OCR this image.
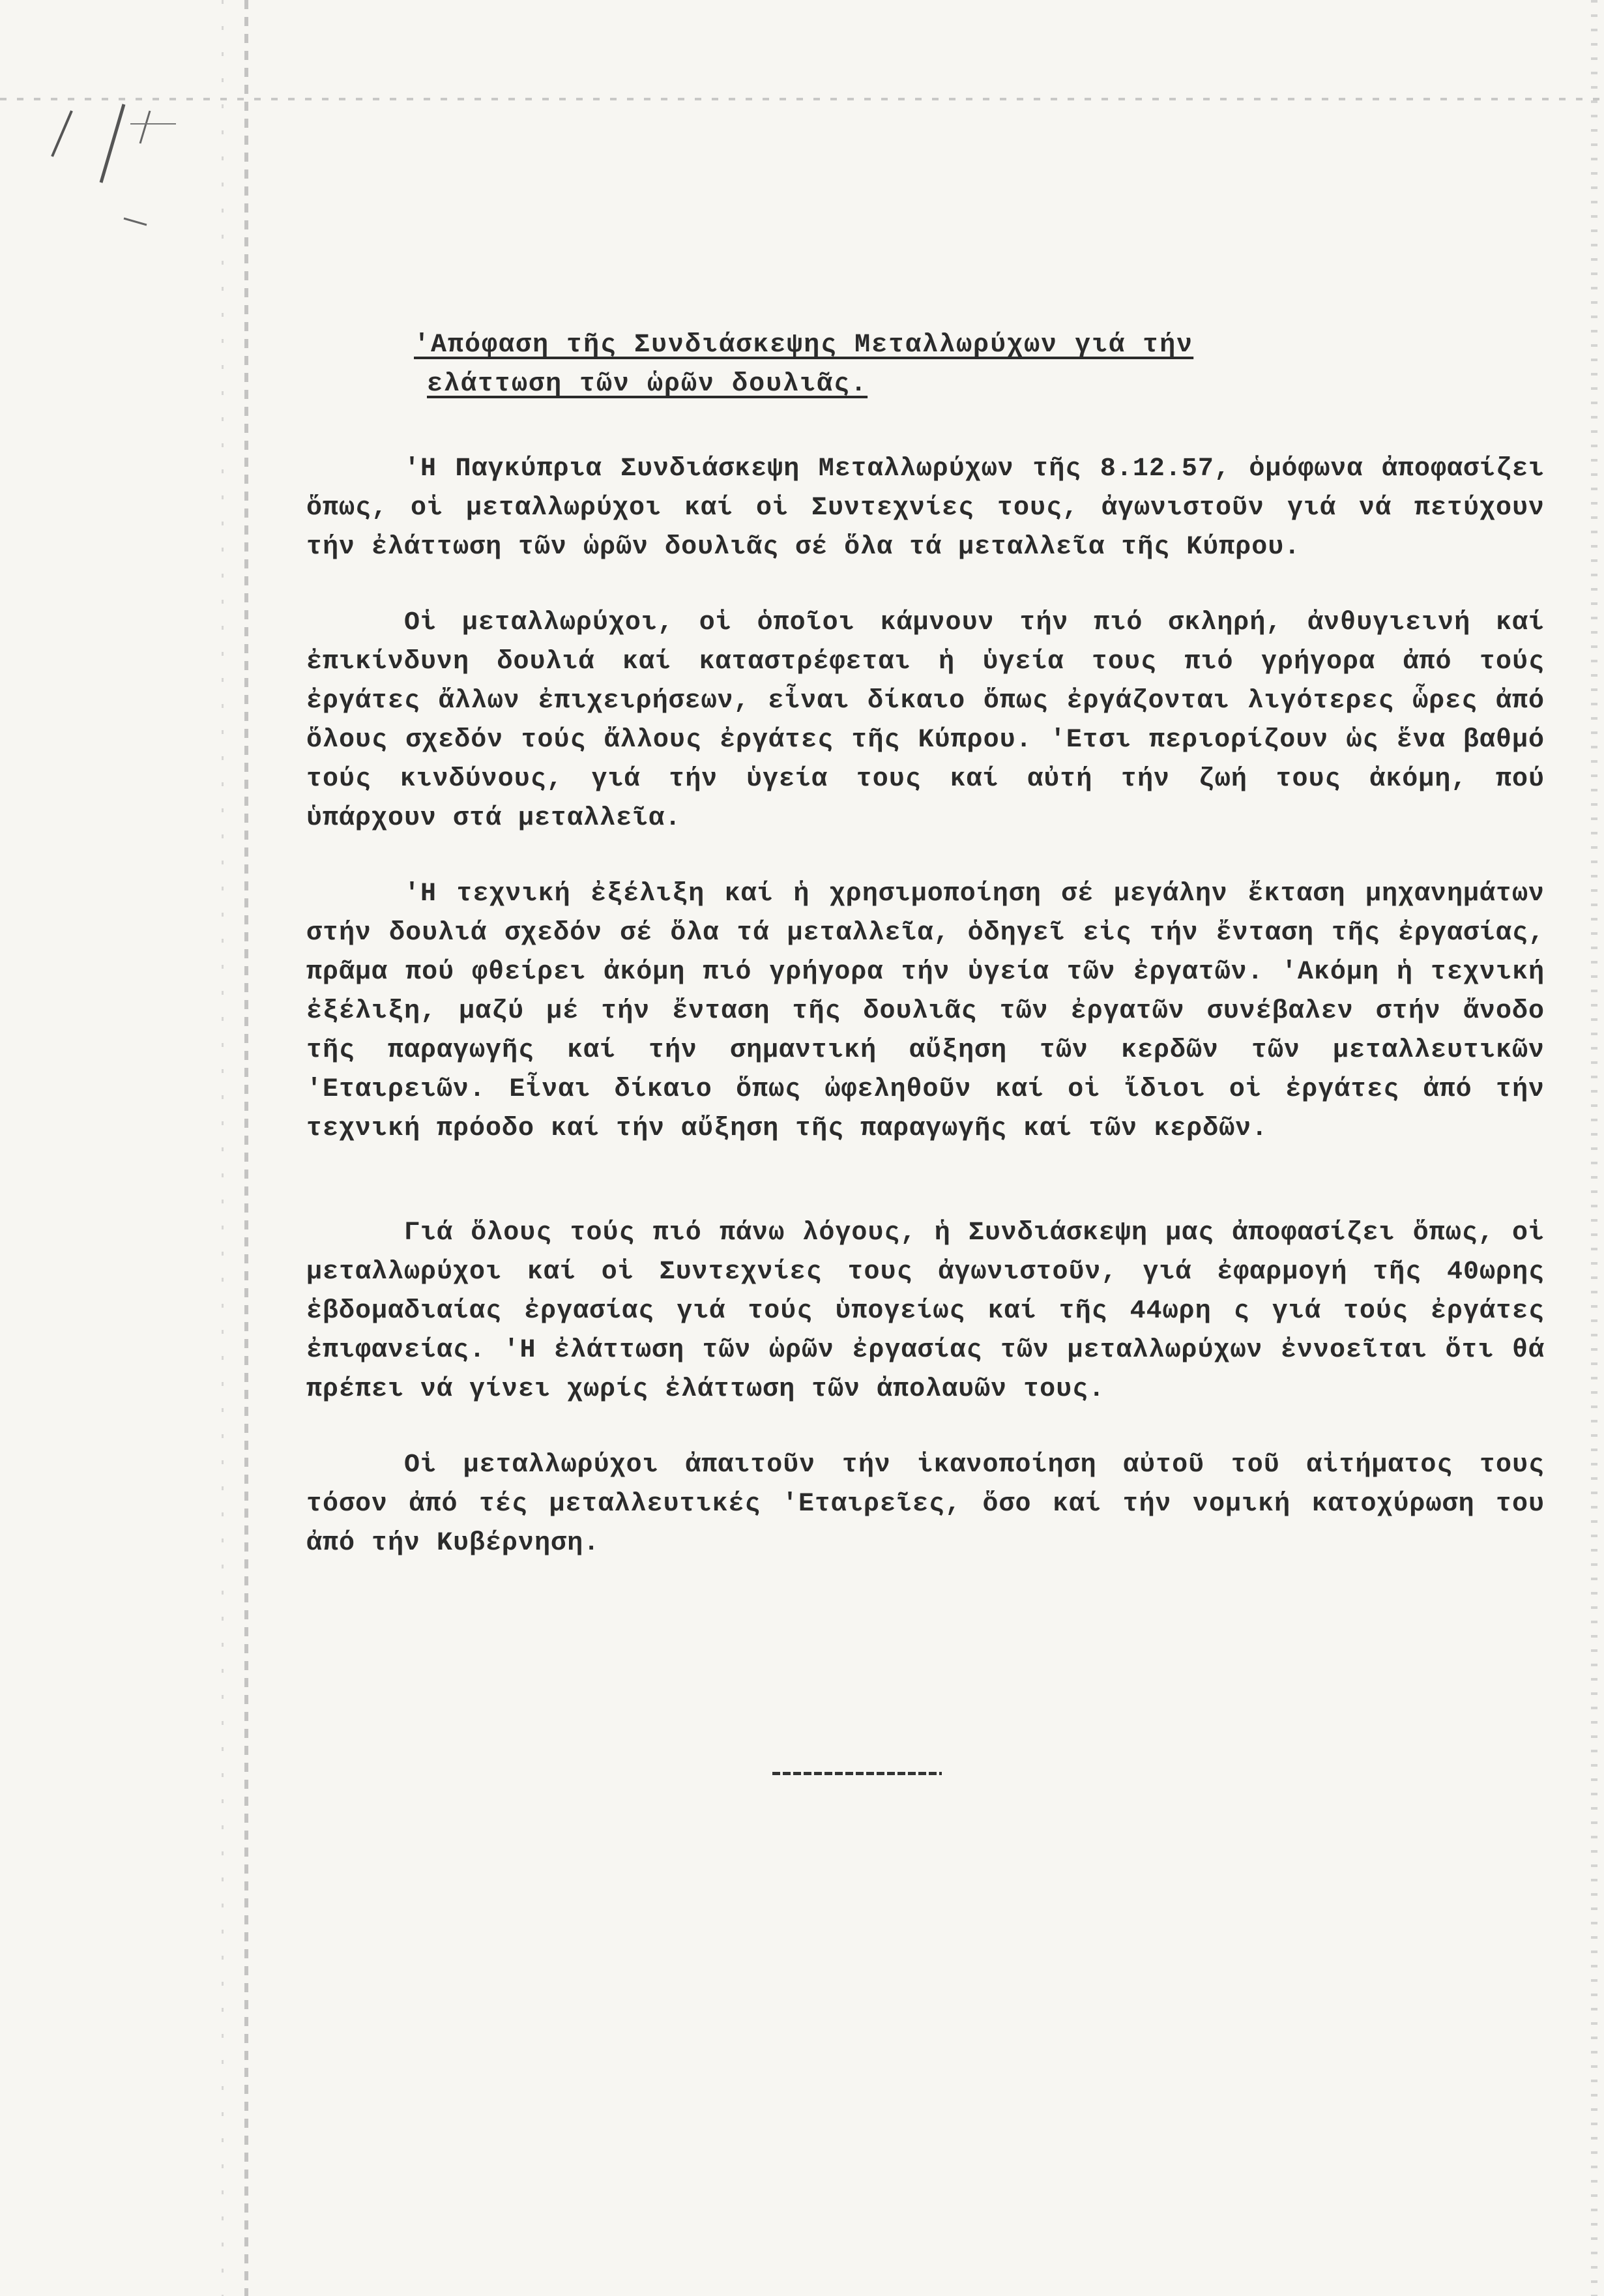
'Απόφαση τῆς Συνδιάσκεψης Μεταλλωρύχων γιά τήν
ελάττωση τῶν ὡρῶν δουλιᾶς.

'Η Παγκύπρια Συνδιάσκεψη Μεταλλωρύχων τῆς 8.12.57, ὁμόφωνα ἀποφασίζει ὅπως, οἱ μεταλλωρύχοι καί οἱ Συντεχνίες τους, ἀγωνιστοῦν γιά νά πετύχουν τήν ἐλάττωση τῶν ὡρῶν δουλιᾶς σέ ὅλα τά μεταλλεῖα τῆς Κύπρου.

Οἱ μεταλλωρύχοι, οἱ ὁποῖοι κάμνουν τήν πιό σκληρή, ἀνθυγιεινή καί ἐπικίνδυνη δουλιά καί καταστρέφεται ἡ ὑγεία τους πιό γρήγορα ἀπό τούς ἐργάτες ἄλλων ἐπιχειρήσεων, εἶναι δίκαιο ὅπως ἐργάζονται λιγότερες ὧρες ἀπό ὅλους σχεδόν τούς ἄλλους ἐργάτες τῆς Κύπρου. 'Ετσι περιορίζουν ὡς ἕνα βαθμό τούς κινδύνους, γιά τήν ὑγεία τους καί αὐτή τήν ζωή τους ἀκόμη, πού ὑπάρχουν στά μεταλλεῖα.

'Η τεχνική ἐξέλιξη καί ἡ χρησιμοποίηση σέ μεγάλην ἔκταση μηχανημάτων στήν δουλιά σχεδόν σέ ὅλα τά μεταλλεῖα, ὁδηγεῖ εἰς τήν ἔνταση τῆς ἐργασίας, πρᾶμα πού φθείρει ἀκόμη πιό γρήγορα τήν ὑγεία τῶν ἐργατῶν. 'Ακόμη ἡ τεχνική ἐξέλιξη, μαζύ μέ τήν ἔνταση τῆς δουλιᾶς τῶν ἐργατῶν συνέβαλεν στήν ἄνοδο τῆς παραγωγῆς καί τήν σημαντική αὔξηση τῶν κερδῶν τῶν μεταλλευτικῶν 'Εταιρειῶν. Εἶναι δίκαιο ὅπως ὠφεληθοῦν καί οἱ ἴδιοι οἱ ἐργάτες ἀπό τήν τεχνική πρόοδο καί τήν αὔξηση τῆς παραγωγῆς καί τῶν κερδῶν.

Γιά ὅλους τούς πιό πάνω λόγους, ἡ Συνδιάσκεψη μας ἀποφασίζει ὅπως, οἱ μεταλλωρύχοι καί οἱ Συντεχνίες τους ἀγωνιστοῦν, γιά ἐφαρμογή τῆς 40ωρης ἑβδομαδιαίας ἐργασίας γιά τούς ὑπογείως καί τῆς 44ωρη ς γιά τούς ἐργάτες ἐπιφανείας. 'Η ἐλάττωση τῶν ὡρῶν ἐργασίας τῶν μεταλλωρύχων ἐννοεῖται ὅτι θά πρέπει νά γίνει χωρίς ἐλάττωση τῶν ἀπολαυῶν τους.

Οἱ μεταλλωρύχοι ἀπαιτοῦν τήν ἱκανοποίηση αὐτοῦ τοῦ αἰτήματος τους τόσον ἀπό τές μεταλλευτικές 'Εταιρεῖες, ὅσο καί τήν νομική κατοχύρωση του ἀπό τήν Κυβέρνηση.
